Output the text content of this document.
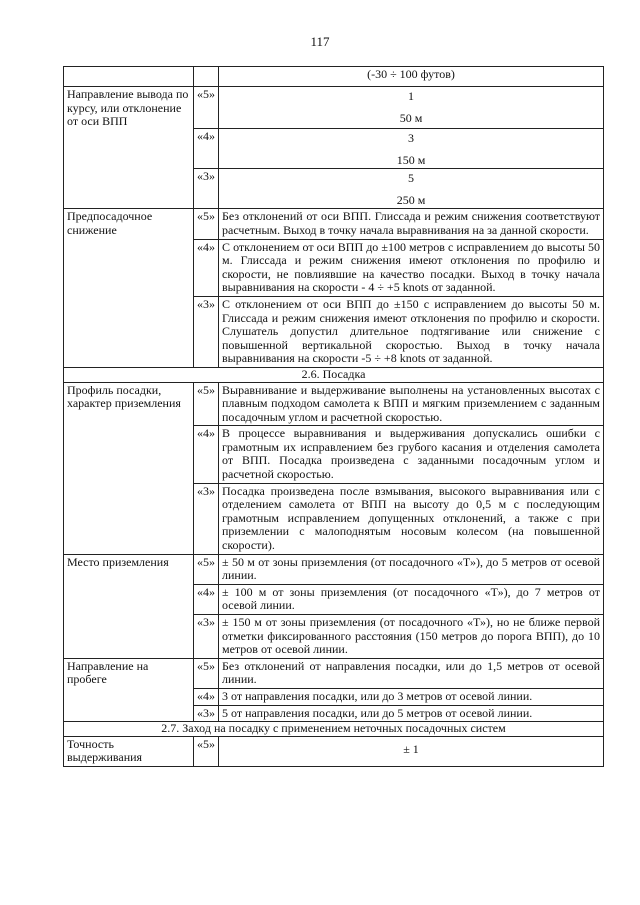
117
		(-30 ÷ 100 футов)
Направление вывода по курсу, или отклонение от оси ВПП	«5»	1
50 м

	«4»	3
150 м

	«3»	5
250 м

Предпосадочное снижение	«5»	Без отклонений от оси ВПП. Глиссада и режим снижения соответствуют расчетным. Выход в точку начала выравнивания на за данной скорости.
	«4»	С отклонением от оси ВПП до ±100 метров с исправлением до высоты 50 м. Глиссада и режим снижения имеют отклонения по профилю и скорости, не повлиявшие на качество посадки. Выход в точку начала выравнивания на скорости - 4 ÷ +5 knots от заданной.
	«3»	С отклонением от оси ВПП до ±150 с исправлением до высоты 50 м. Глиссада и режим снижения имеют отклонения по профилю и скорости. Слушатель допустил длительное подтягивание или снижение с повышенной вертикальной скоростью. Выход в точку начала выравнивания на скорости -5 ÷ +8 knots от заданной.
2.6. Посадка		
Профиль посадки, характер приземления	«5»	Выравнивание и выдерживание выполнены на установленных высотах с плавным подходом самолета к ВПП и мягким приземлением с заданным посадочным углом и расчетной скоростью.
	«4»	В процессе выравнивания и выдерживания допускались ошибки с грамотным их исправлением без грубого касания и отделения самолета от ВПП. Посадка произведена с заданными посадочным углом и расчетной скоростью.
	«3»	Посадка произведена после взмывания, высокого выравнивания или с отделением самолета от ВПП на высоту до 0,5 м с последующим грамотным исправлением допущенных отклонений, а также с при приземлении с малоподнятым носовым колесом (на повышенной скорости).
Место приземления	«5»	± 50 м от зоны приземления (от посадочного «Т»), до 5 метров от осевой линии.
	«4»	± 100 м от зоны приземления (от посадочного «Т»), до 7 метров от осевой линии.
	«3»	± 150 м от зоны приземления (от посадочного «Т»), но не ближе первой отметки фиксированного расстояния (150 метров до порога ВПП), до 10 метров от осевой линии.
Направление на пробеге	«5»	Без отклонений от направления посадки, или до 1,5 метров от осевой линии.
	«4»	3 от направления посадки, или до 3 метров от осевой линии.
	«3»	5 от направления посадки, или до 5 метров от осевой линии.
2.7. Заход на посадку с применением неточных посадочных систем		
Точность выдерживания	«5»	± 1
